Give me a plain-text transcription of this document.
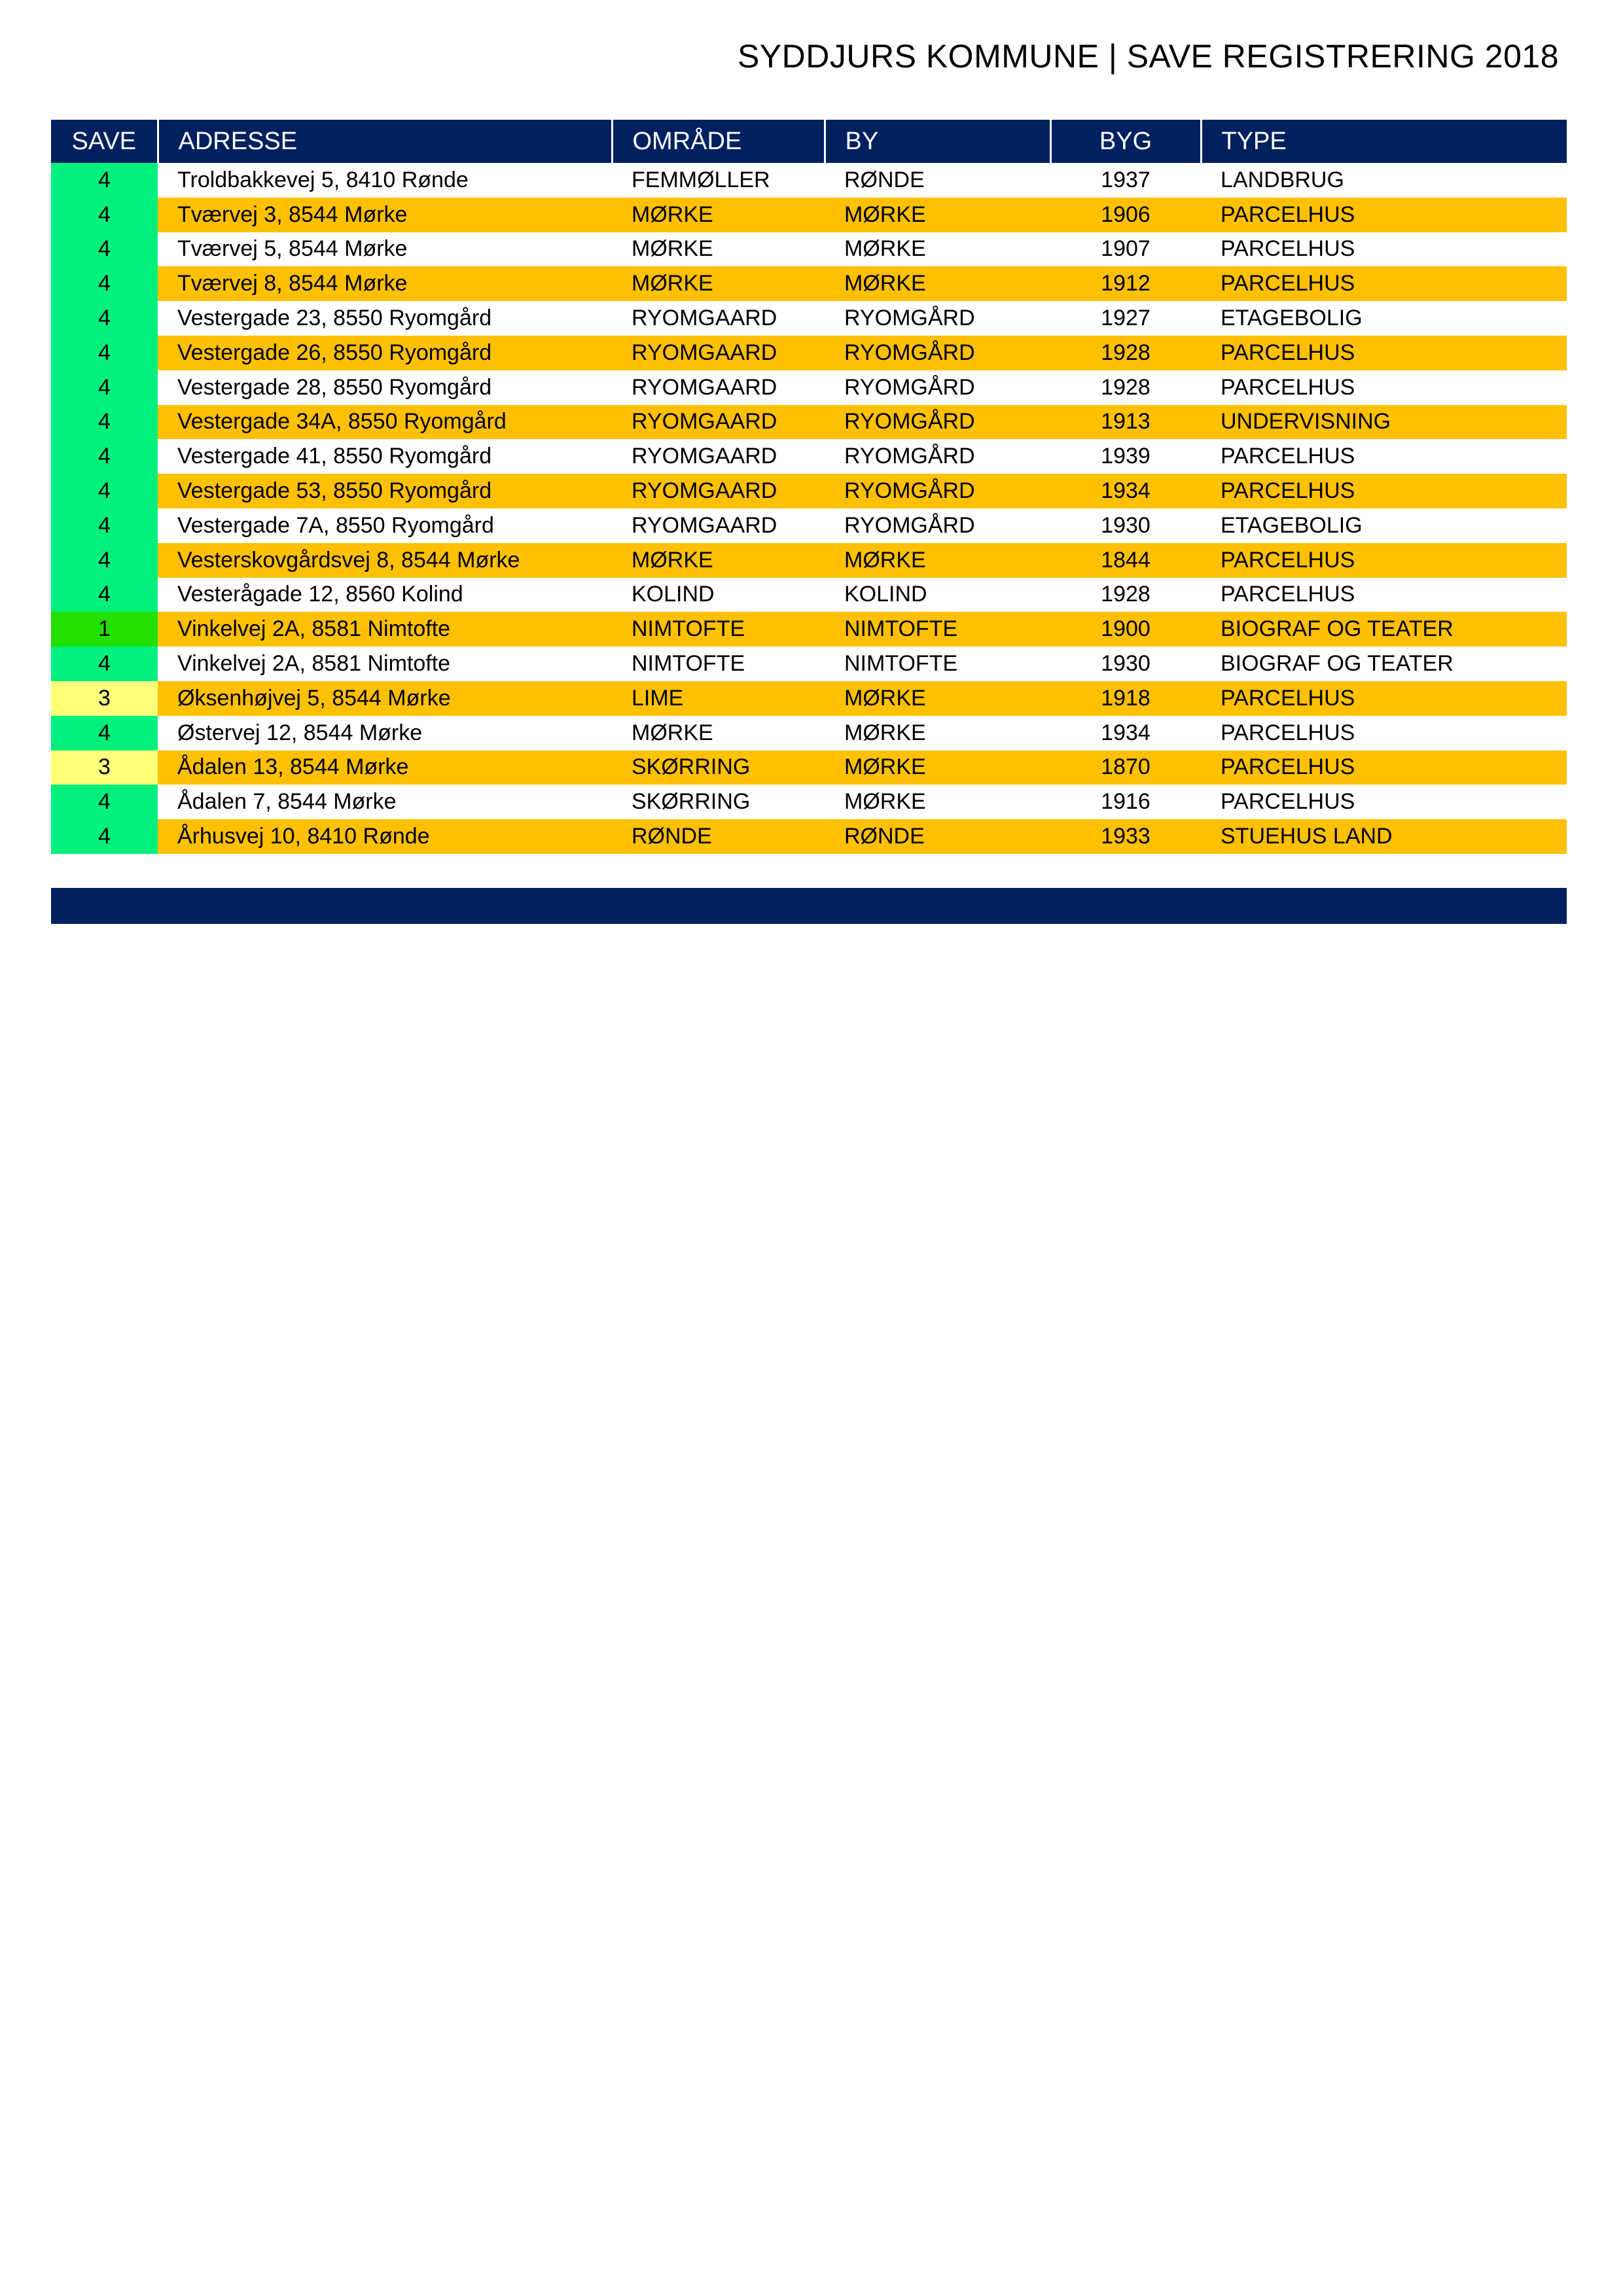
SYDDJURS KOMMUNE | SAVE REGISTRERING 2018
SAVE	ADRESSE	OMRÅDE	BY	BYG	TYPE
4	Troldbakkevej 5, 8410 Rønde	FEMMØLLER	RØNDE	1937	LANDBRUG
4	Tværvej 3, 8544 Mørke	MØRKE	MØRKE	1906	PARCELHUS
4	Tværvej 5, 8544 Mørke	MØRKE	MØRKE	1907	PARCELHUS
4	Tværvej 8, 8544 Mørke	MØRKE	MØRKE	1912	PARCELHUS
4	Vestergade 23, 8550 Ryomgård	RYOMGAARD	RYOMGÅRD	1927	ETAGEBOLIG
4	Vestergade 26, 8550 Ryomgård	RYOMGAARD	RYOMGÅRD	1928	PARCELHUS
4	Vestergade 28, 8550 Ryomgård	RYOMGAARD	RYOMGÅRD	1928	PARCELHUS
4	Vestergade 34A, 8550 Ryomgård	RYOMGAARD	RYOMGÅRD	1913	UNDERVISNING
4	Vestergade 41, 8550 Ryomgård	RYOMGAARD	RYOMGÅRD	1939	PARCELHUS
4	Vestergade 53, 8550 Ryomgård	RYOMGAARD	RYOMGÅRD	1934	PARCELHUS
4	Vestergade 7A, 8550 Ryomgård	RYOMGAARD	RYOMGÅRD	1930	ETAGEBOLIG
4	Vesterskovgårdsvej 8, 8544 Mørke	MØRKE	MØRKE	1844	PARCELHUS
4	Vesterågade 12, 8560 Kolind	KOLIND	KOLIND	1928	PARCELHUS
1	Vinkelvej 2A, 8581 Nimtofte	NIMTOFTE	NIMTOFTE	1900	BIOGRAF OG TEATER
4	Vinkelvej 2A, 8581 Nimtofte	NIMTOFTE	NIMTOFTE	1930	BIOGRAF OG TEATER
3	Øksenhøjvej 5, 8544 Mørke	LIME	MØRKE	1918	PARCELHUS
4	Østervej 12, 8544 Mørke	MØRKE	MØRKE	1934	PARCELHUS
3	Ådalen 13, 8544 Mørke	SKØRRING	MØRKE	1870	PARCELHUS
4	Ådalen 7, 8544 Mørke	SKØRRING	MØRKE	1916	PARCELHUS
4	Århusvej 10, 8410 Rønde	RØNDE	RØNDE	1933	STUEHUS LAND
